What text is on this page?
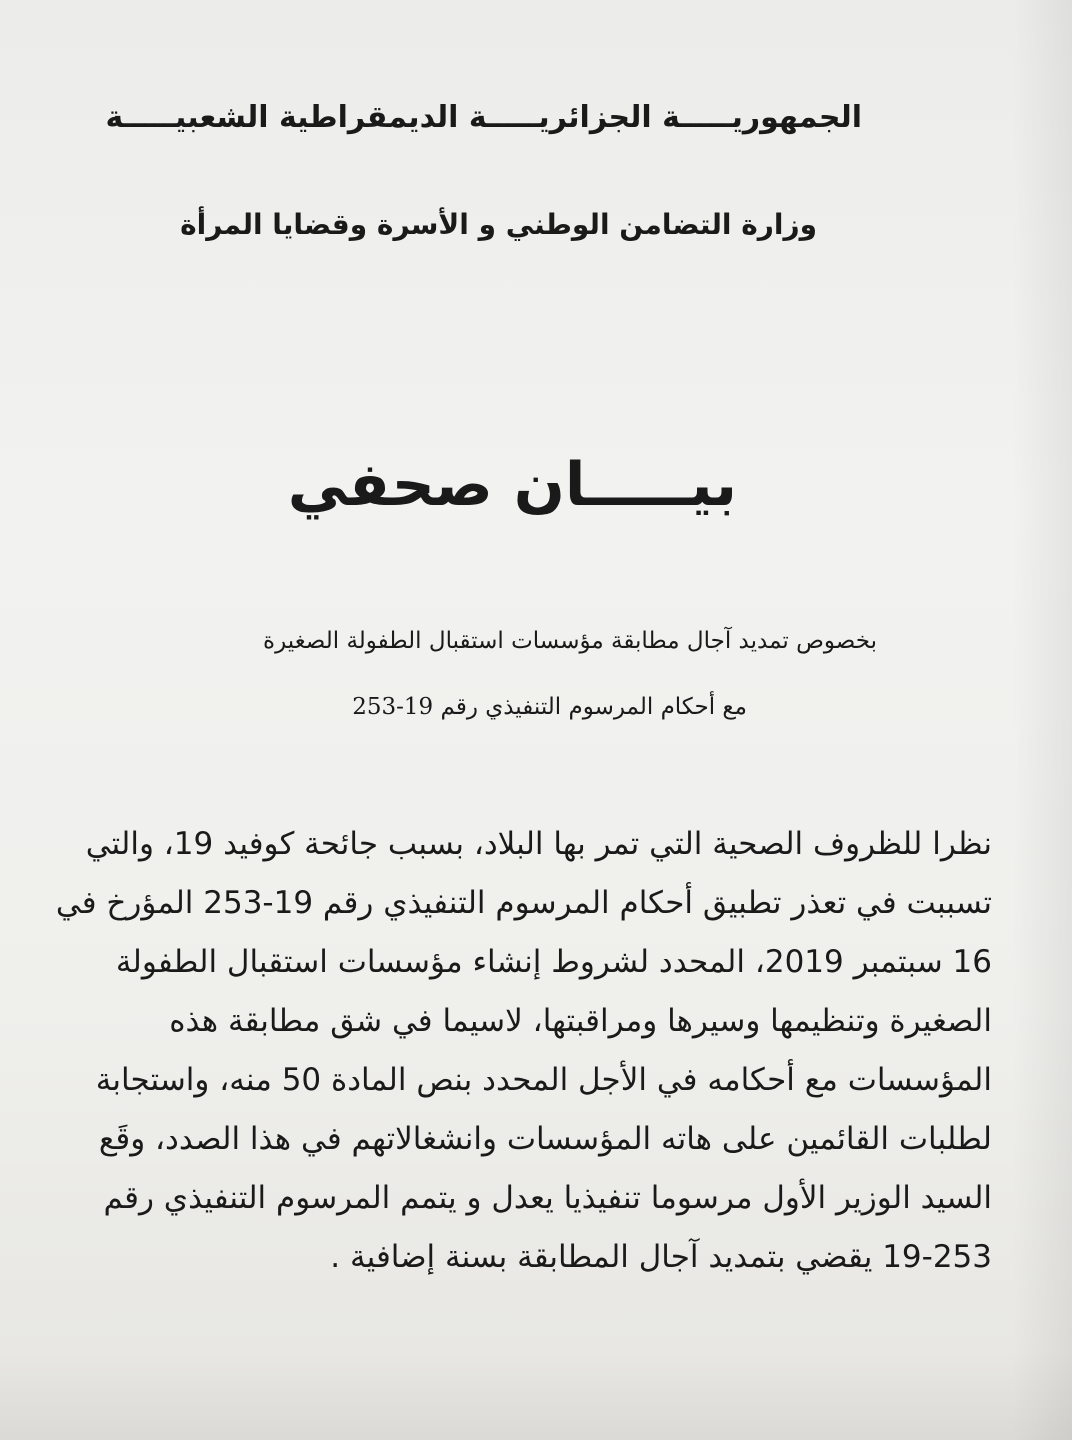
الجمهوريـــــة الجزائريـــــة الديمقراطية الشعبيـــــة
وزارة التضامن الوطني و الأسرة وقضايا المرأة
بيـــــان صحفي
بخصوص تمديد آجال مطابقة مؤسسات استقبال الطفولة الصغيرة
مع أحكام المرسوم التنفيذي رقم 19-253
نظرا للظروف الصحية التي تمر بها البلاد، بسبب جائحة كوفيد 19، والتي
تسببت في تعذر تطبيق أحكام المرسوم التنفيذي رقم 19-253 المؤرخ في
16 سبتمبر 2019، المحدد لشروط إنشاء مؤسسات استقبال الطفولة
الصغيرة وتنظيمها وسيرها ومراقبتها، لاسيما في شق مطابقة هذه
المؤسسات مع أحكامه في الأجل المحدد بنص المادة 50 منه، واستجابة
لطلبات القائمين على هاته المؤسسات وانشغالاتهم في هذا الصدد، وقَع
السيد الوزير الأول مرسوما تنفيذيا يعدل و يتمم المرسوم التنفيذي رقم
19-253 يقضي بتمديد آجال المطابقة بسنة إضافية .
